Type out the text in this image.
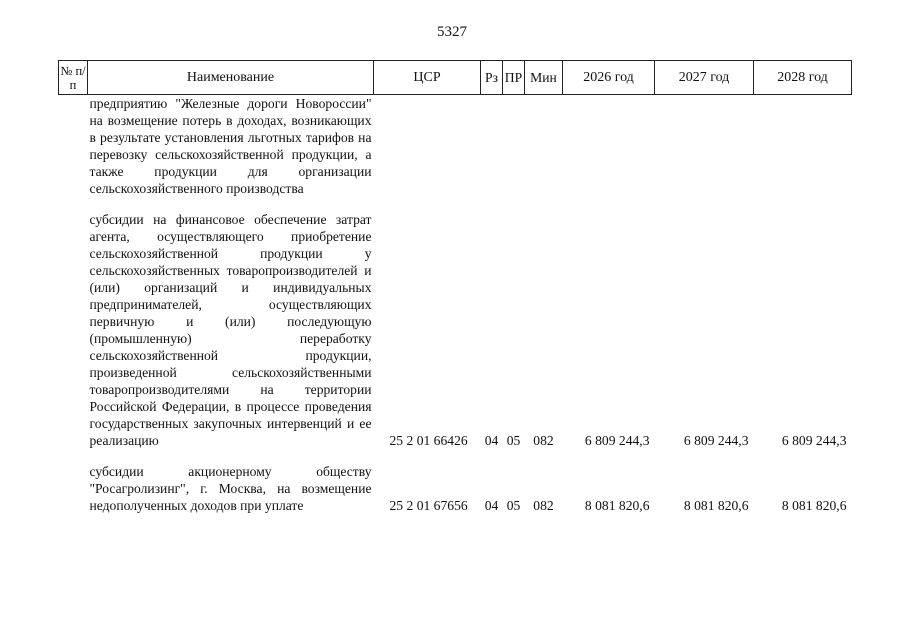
5327
№ п/п	Наименование	ЦСР	Рз	ПР	Мин	2026 год	2027 год	2028 год
	предприятию "Железные дороги Новороссии" на возмещение потерь в доходах, возникающих в результате установления льготных тарифов на перевозку сельскохозяйственной продукции, а также продукции для организации сельскохозяйственного производства							

	субсидии на финансовое обеспечение затрат агента, осуществляющего приобретение сельскохозяйственной продукции у сельскохозяйственных товаропроизводителей и (или) организаций и индивидуальных предпринимателей, осуществляющих первичную и (или) последующую (промышленную) переработку сельскохозяйственной продукции, произведенной сельскохозяйственными товаропроизводителями на территории Российской Федерации, в процессе проведения государственных закупочных интервенций и ее реализацию	25 2 01 66426	04	05	082	6 809 244,3	6 809 244,3	6 809 244,3

	субсидии акционерному обществу "Росагролизинг", г. Москва, на возмещение недополученных доходов при уплате	25 2 01 67656	04	05	082	8 081 820,6	8 081 820,6	8 081 820,6
